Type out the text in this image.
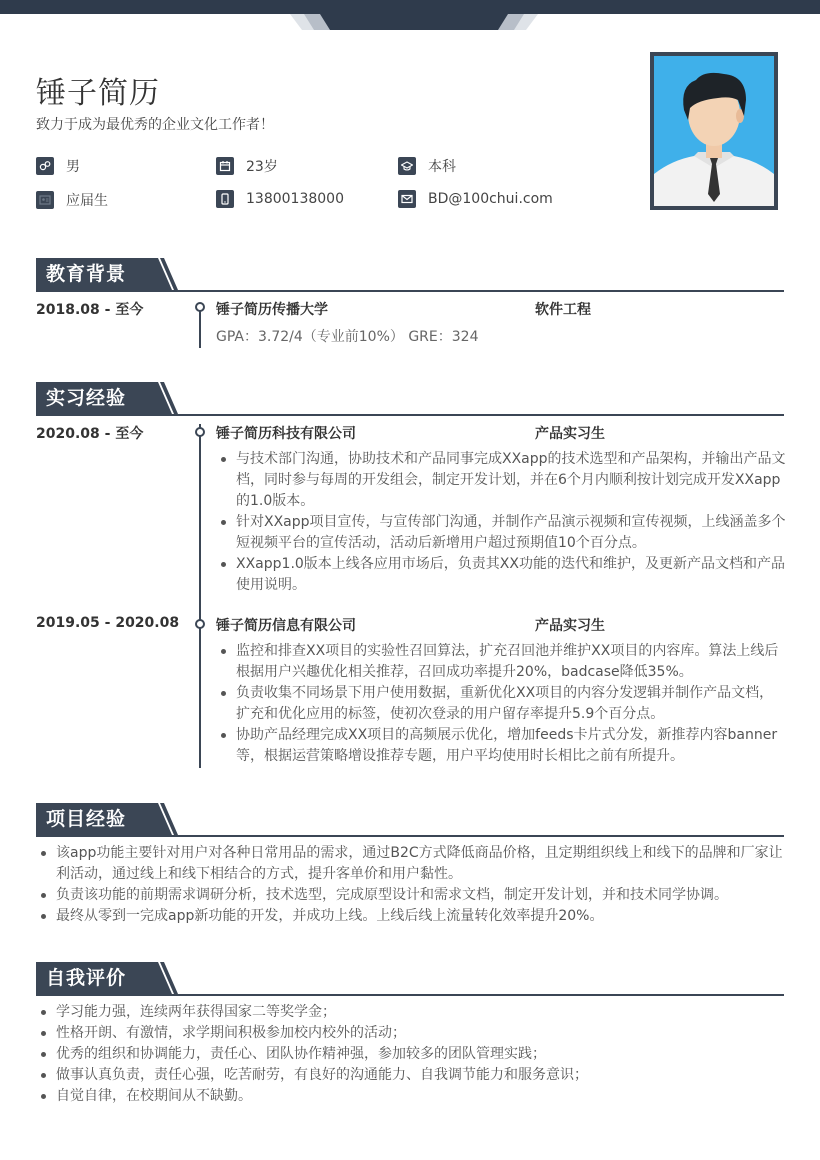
锤子简历
致力于成为最优秀的企业文化工作者！
男	23岁	本科
应届生	13800138000	BD@100chui.com
教育背景
2018.08 - 至今	锤子简历传播大学	软件工程
GPA：3.72/4（专业前10%） GRE：324
实习经验
2020.08 - 至今	锤子简历科技有限公司	产品实习生
与技术部门沟通，协助技术和产品同事完成XXapp的技术选型和产品架构，并输出产品文档，同时参与每周的开发组会，制定开发计划，并在6个月内顺利按计划完成开发XXapp的1.0版本。
针对XXapp项目宣传，与宣传部门沟通，并制作产品演示视频和宣传视频，上线涵盖多个短视频平台的宣传活动，活动后新增用户超过预期值10个百分点。
XXapp1.0版本上线各应用市场后，负责其XX功能的迭代和维护，及更新产品文档和产品使用说明。
2019.05 - 2020.08	锤子简历信息有限公司	产品实习生
监控和排查XX项目的实验性召回算法，扩充召回池并维护XX项目的内容库。算法上线后根据用户兴趣优化相关推荐，召回成功率提升20%，badcase降低35%。
负责收集不同场景下用户使用数据，重新优化XX项目的内容分发逻辑并制作产品文档，扩充和优化应用的标签，使初次登录的用户留存率提升5.9个百分点。
协助产品经理完成XX项目的高频展示优化，增加feeds卡片式分发，新推荐内容banner等，根据运营策略增设推荐专题，用户平均使用时长相比之前有所提升。
项目经验
该app功能主要针对用户对各种日常用品的需求，通过B2C方式降低商品价格，且定期组织线上和线下的品牌和厂家让利活动，通过线上和线下相结合的方式，提升客单价和用户黏性。
负责该功能的前期需求调研分析，技术选型，完成原型设计和需求文档，制定开发计划，并和技术同学协调。
最终从零到一完成app新功能的开发，并成功上线。上线后线上流量转化效率提升20%。
自我评价
学习能力强，连续两年获得国家二等奖学金；
性格开朗、有激情，求学期间积极参加校内校外的活动；
优秀的组织和协调能力，责任心、团队协作精神强，参加较多的团队管理实践；
做事认真负责，责任心强，吃苦耐劳，有良好的沟通能力、自我调节能力和服务意识；
自觉自律，在校期间从不缺勤。
